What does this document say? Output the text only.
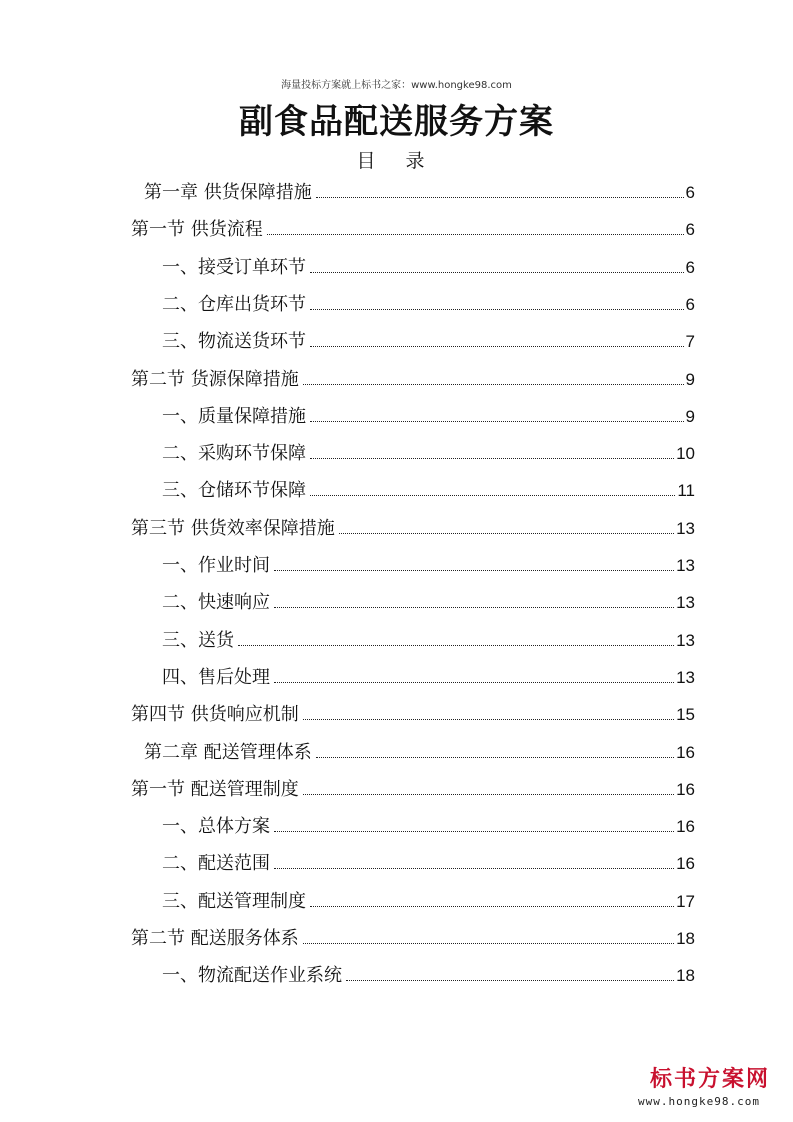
海量投标方案就上标书之家：www.hongke98.com
副食品配送服务方案
目 录
第一章 供货保障措施	6
第一节 供货流程	6
一、接受订单环节	6
二、仓库出货环节	6
三、物流送货环节	7
第二节 货源保障措施	9
一、质量保障措施	9
二、采购环节保障	10
三、仓储环节保障	11
第三节 供货效率保障措施	13
一、作业时间	13
二、快速响应	13
三、送货	13
四、售后处理	13
第四节 供货响应机制	15
第二章 配送管理体系	16
第一节 配送管理制度	16
一、总体方案	16
二、配送范围	16
三、配送管理制度	17
第二节 配送服务体系	18
一、物流配送作业系统	18
标书方案网
www.hongke98.com
